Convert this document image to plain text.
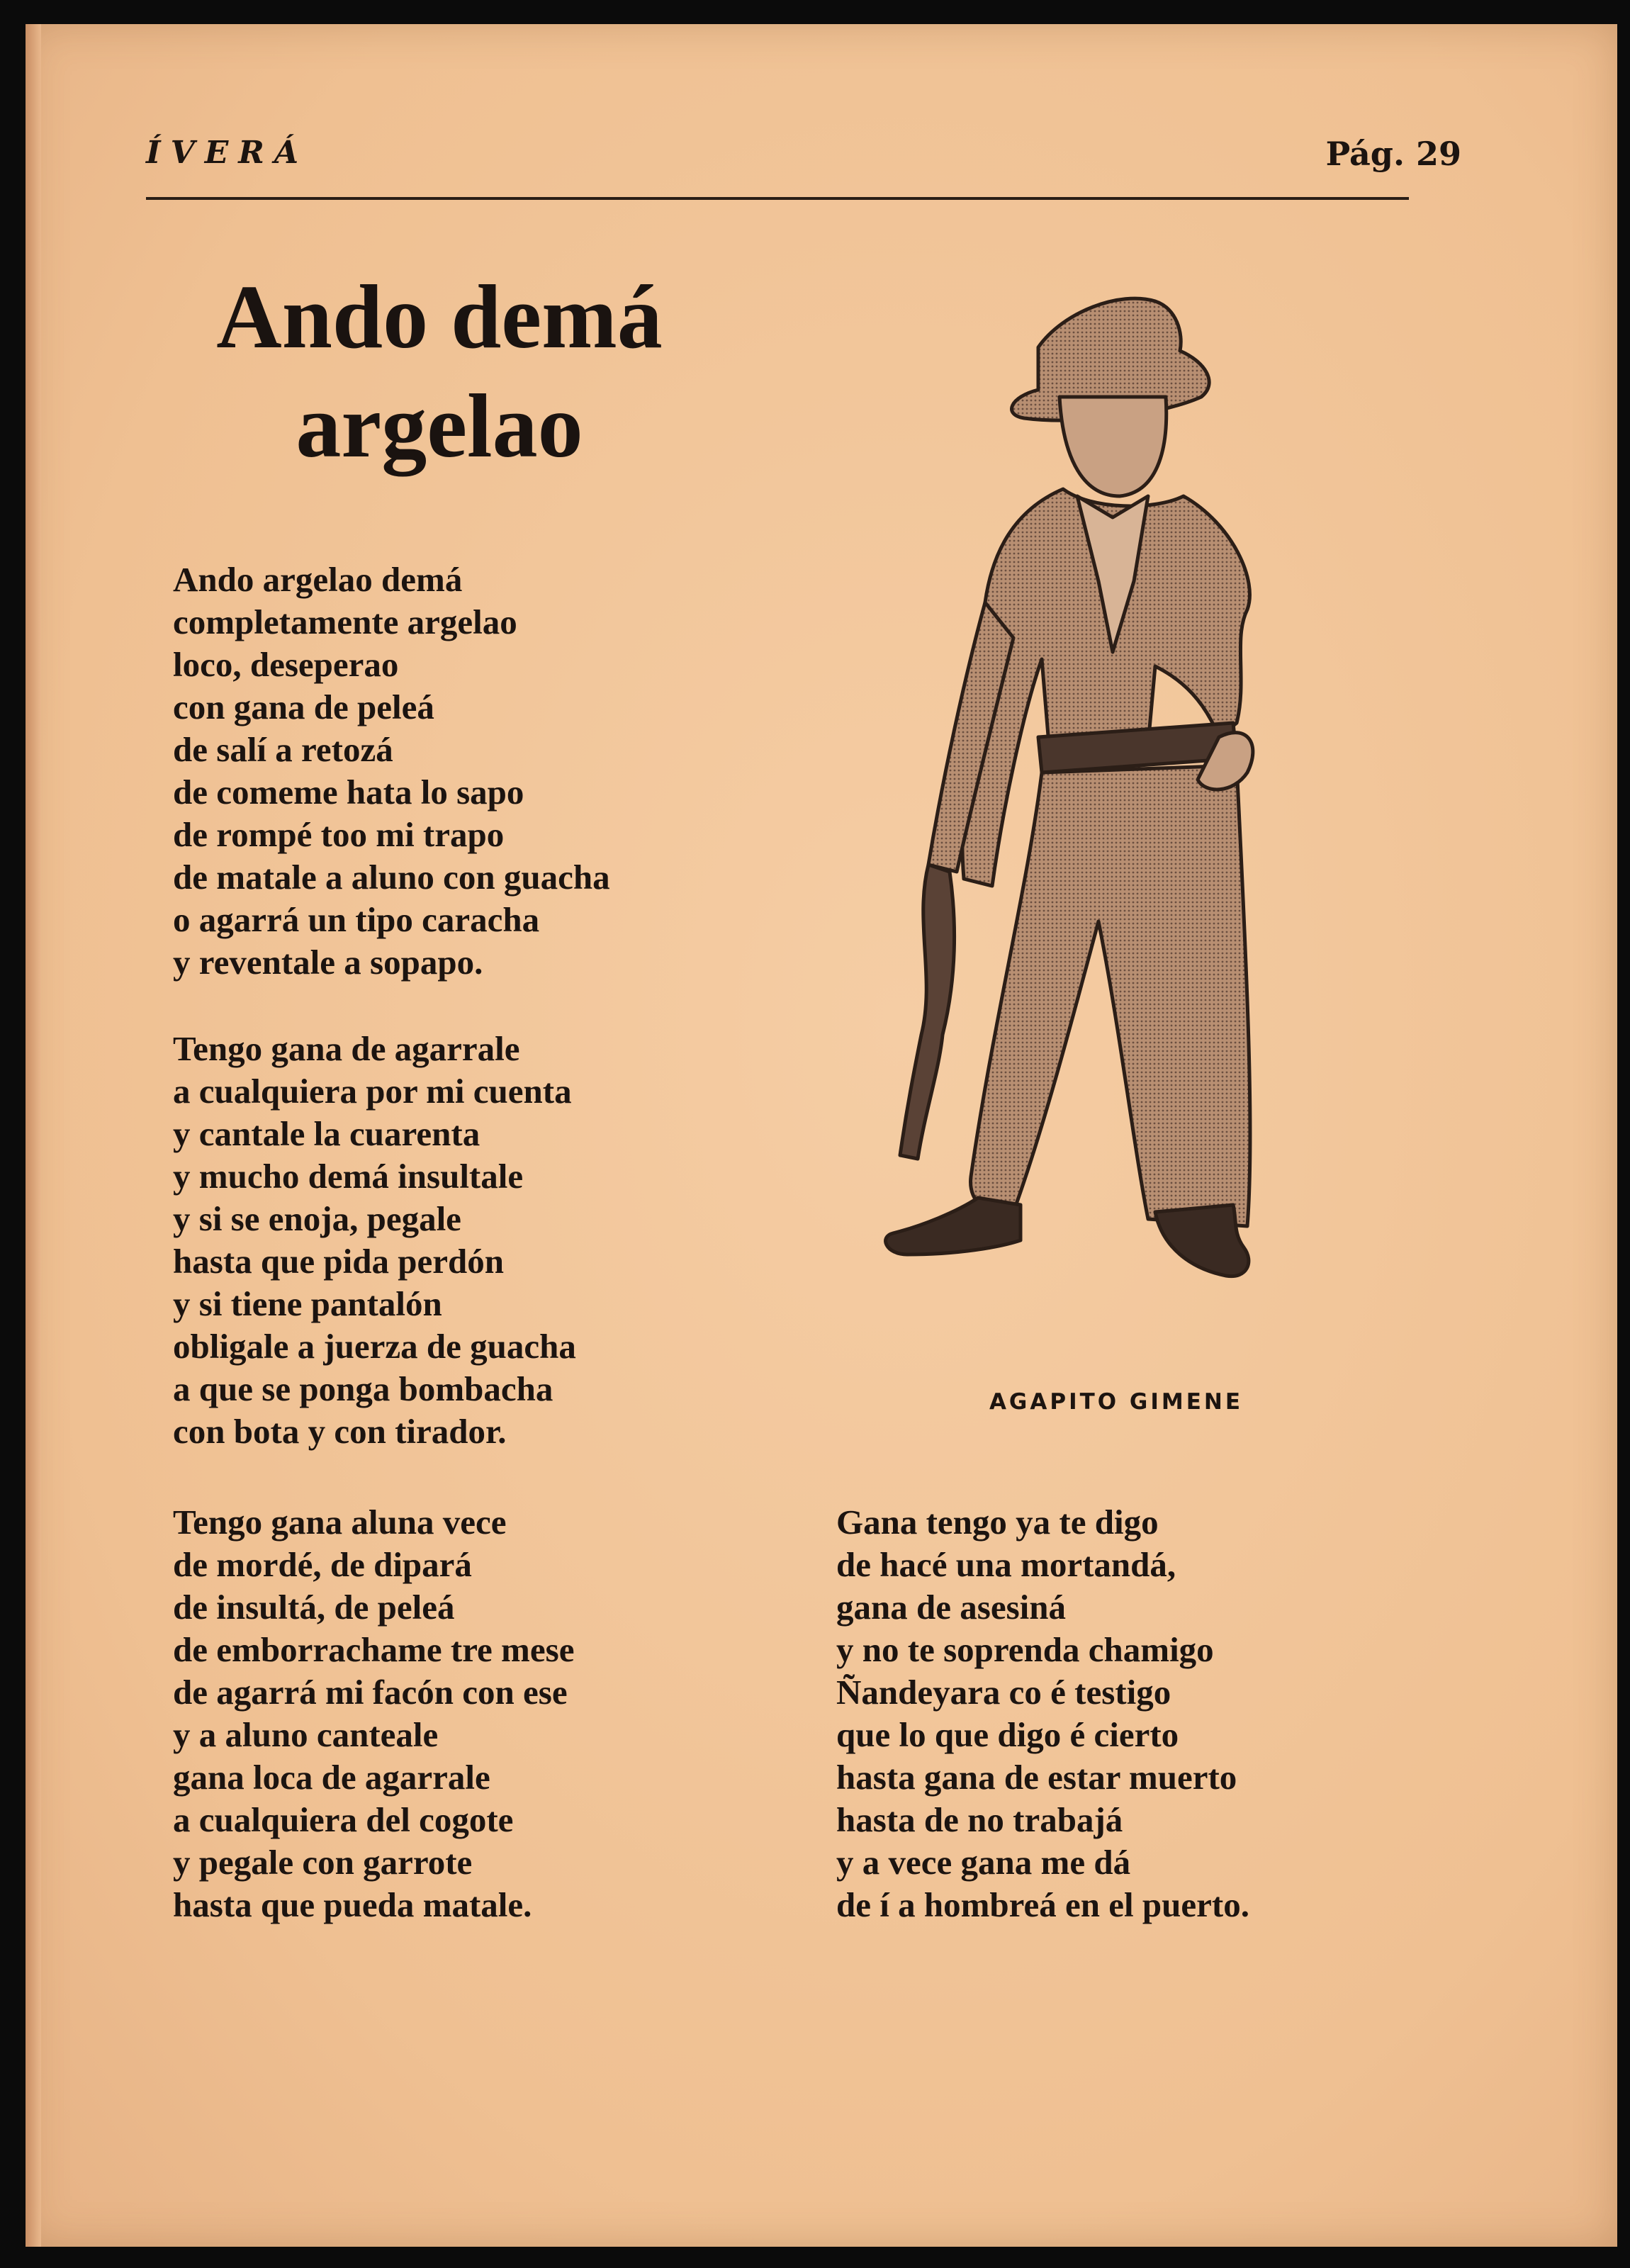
ÍVERÁ	Pág. 29
Ando demá
argelao
Ando argelao demá
completamente argelao
loco, deseperao
con gana de peleá
de salí a retozá
de comeme hata lo sapo
de rompé too mi trapo
de matale a aluno con guacha
o agarrá un tipo caracha
y reventale a sopapo.
Tengo gana de agarrale
a cualquiera por mi cuenta
y cantale la cuarenta
y mucho demá insultale
y si se enoja, pegale
hasta que pida perdón
y si tiene pantalón
obligale a juerza de guacha
a que se ponga bombacha
con bota y con tirador.
Tengo gana aluna vece
de mordé, de dipará
de insultá, de peleá
de emborrachame tre mese
de agarrá mi facón con ese
y a aluno canteale
gana loca de agarrale
a cualquiera del cogote
y pegale con garrote
hasta que pueda matale.
Gana tengo ya te digo
de hacé una mortandá,
gana de asesiná
y no te soprenda chamigo
Ñandeyara co é testigo
que lo que digo é cierto
hasta gana de estar muerto
hasta de no trabajá
y a vece gana me dá
de í a hombreá en el puerto.
AGAPITO GIMENE
